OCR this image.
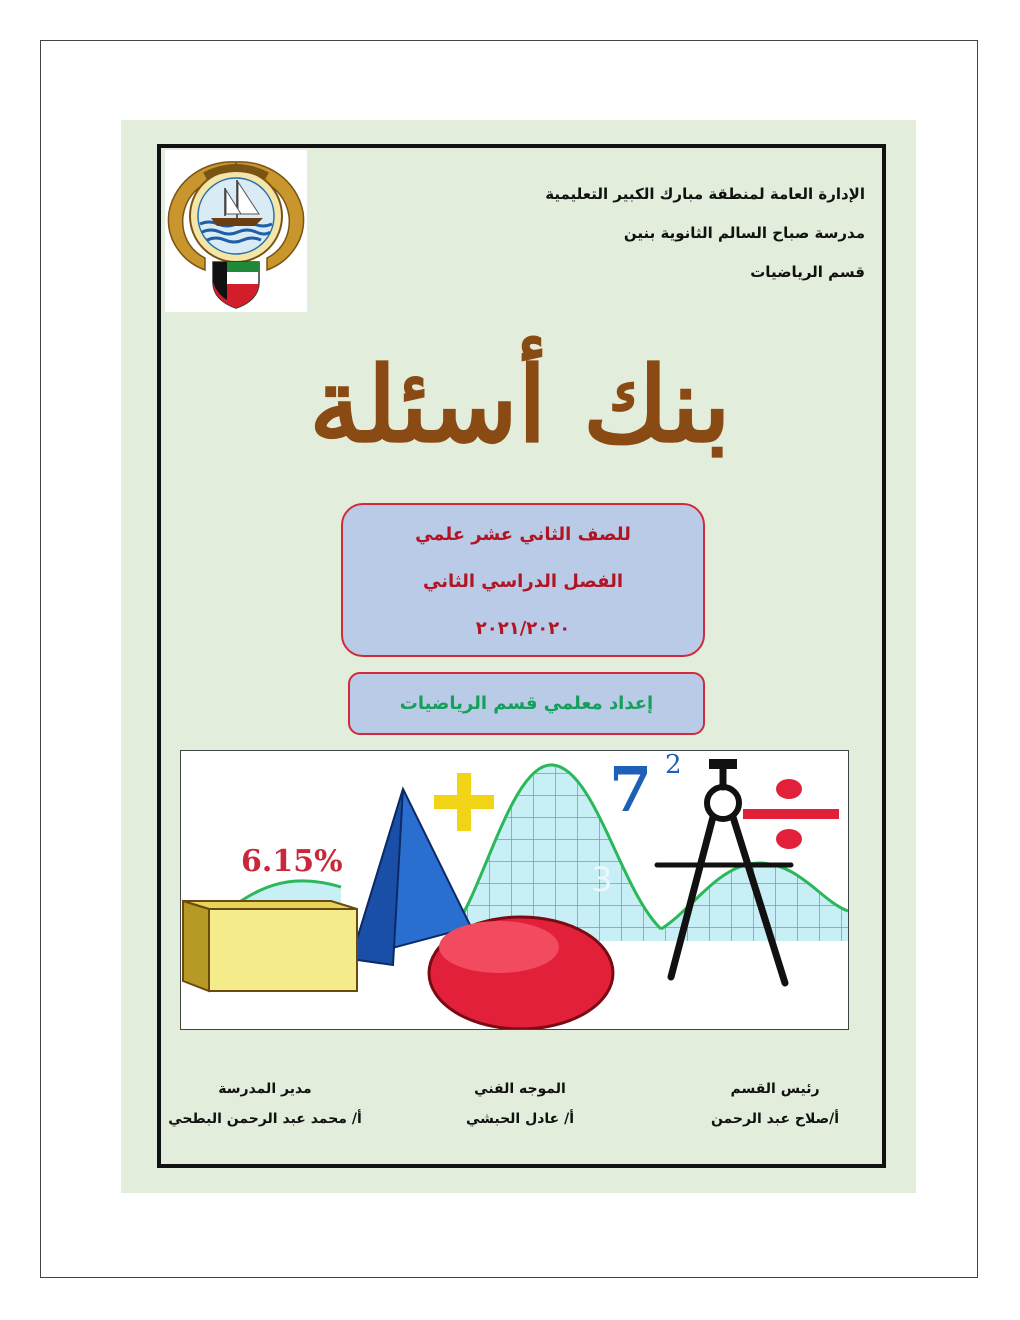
الإدارة العامة لمنطقة مبارك الكبير التعليمية
مدرسة صباح السالم الثانوية بنين
قسم الرياضيات
بنك أسئلة
للصف الثاني عشر علمي
الفصل الدراسي الثاني
٢٠٢١/٢٠٢٠
إعداد معلمي قسم الرياضيات
6.15%
7 2
3
رئيس القسم
أ/صلاح عبد الرحمن
الموجه الفني
أ/ عادل الحبشي
مدير المدرسة
أ/ محمد عبد الرحمن البطحي
